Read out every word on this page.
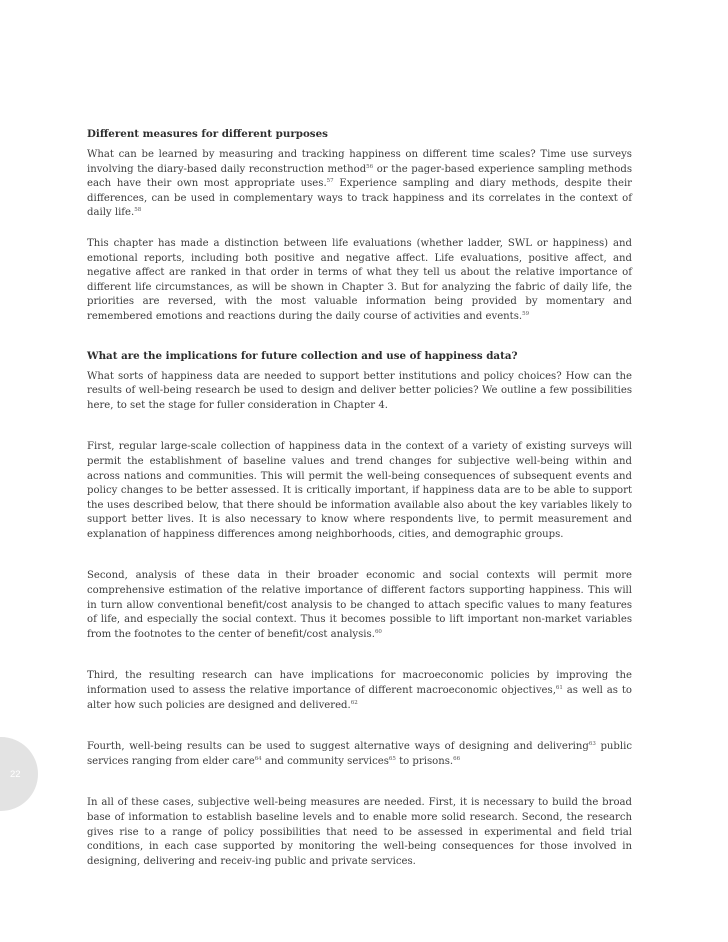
22
Different measures for different purposes

What can be learned by measuring and tracking happiness on different time scales? Time use surveys involving the diary-based daily reconstruction method$^{56}$ or the pager-based experience sampling methods each have their own most appropriate uses.$^{57}$ Experience sampling and diary methods, despite their differences, can be used in complementary ways to track happiness and its correlates in the context of daily life.$^{58}$

This chapter has made a distinction between life evaluations (whether ladder, SWL or happiness) and emotional reports, including both positive and negative affect. Life evaluations, positive affect, and negative affect are ranked in that order in terms of what they tell us about the relative importance of different life circumstances, as will be shown in Chapter 3. But for analyzing the fabric of daily life, the priorities are reversed, with the most valuable information being provided by momentary and remembered emotions and reactions during the daily course of activities and events.$^{59}$

What are the implications for future collection and use of happiness data?

What sorts of happiness data are needed to support better institutions and policy choices? How can the results of well-being research be used to design and deliver better policies? We outline a few possibilities here, to set the stage for fuller consideration in Chapter 4.

First, regular large-scale collection of happiness data in the context of a variety of existing surveys will permit the establishment of baseline values and trend changes for subjective well-being within and across nations and communities. This will permit the well-being consequences of subsequent events and policy changes to be better assessed. It is critically important, if happiness data are to be able to support the uses described below, that there should be information available also about the key variables likely to support better lives. It is also necessary to know where respondents live, to permit measurement and explanation of happiness differences among neighborhoods, cities, and demographic groups.

Second, analysis of these data in their broader economic and social contexts will permit more comprehensive estimation of the relative importance of different factors supporting happiness. This will in turn allow conventional benefit/cost analysis to be changed to attach specific values to many features of life, and especially the social context. Thus it becomes possible to lift important non-market variables from the footnotes to the center of benefit/cost analysis.$^{60}$

Third, the resulting research can have implications for macroeconomic policies by improving the information used to assess the relative importance of different macroeconomic objectives,$^{61}$ as well as to alter how such policies are designed and delivered.$^{62}$

Fourth, well-being results can be used to suggest alternative ways of designing and delivering$^{63}$ public services ranging from elder care$^{64}$ and community services$^{65}$ to prisons.$^{66}$

In all of these cases, subjective well-being measures are needed. First, it is necessary to build the broad base of information to establish baseline levels and to enable more solid research. Second, the research gives rise to a range of policy possibilities that need to be assessed in experimental and field trial conditions, in each case supported by monitoring the well-being consequences for those involved in designing, delivering and receiv-ing public and private services.
